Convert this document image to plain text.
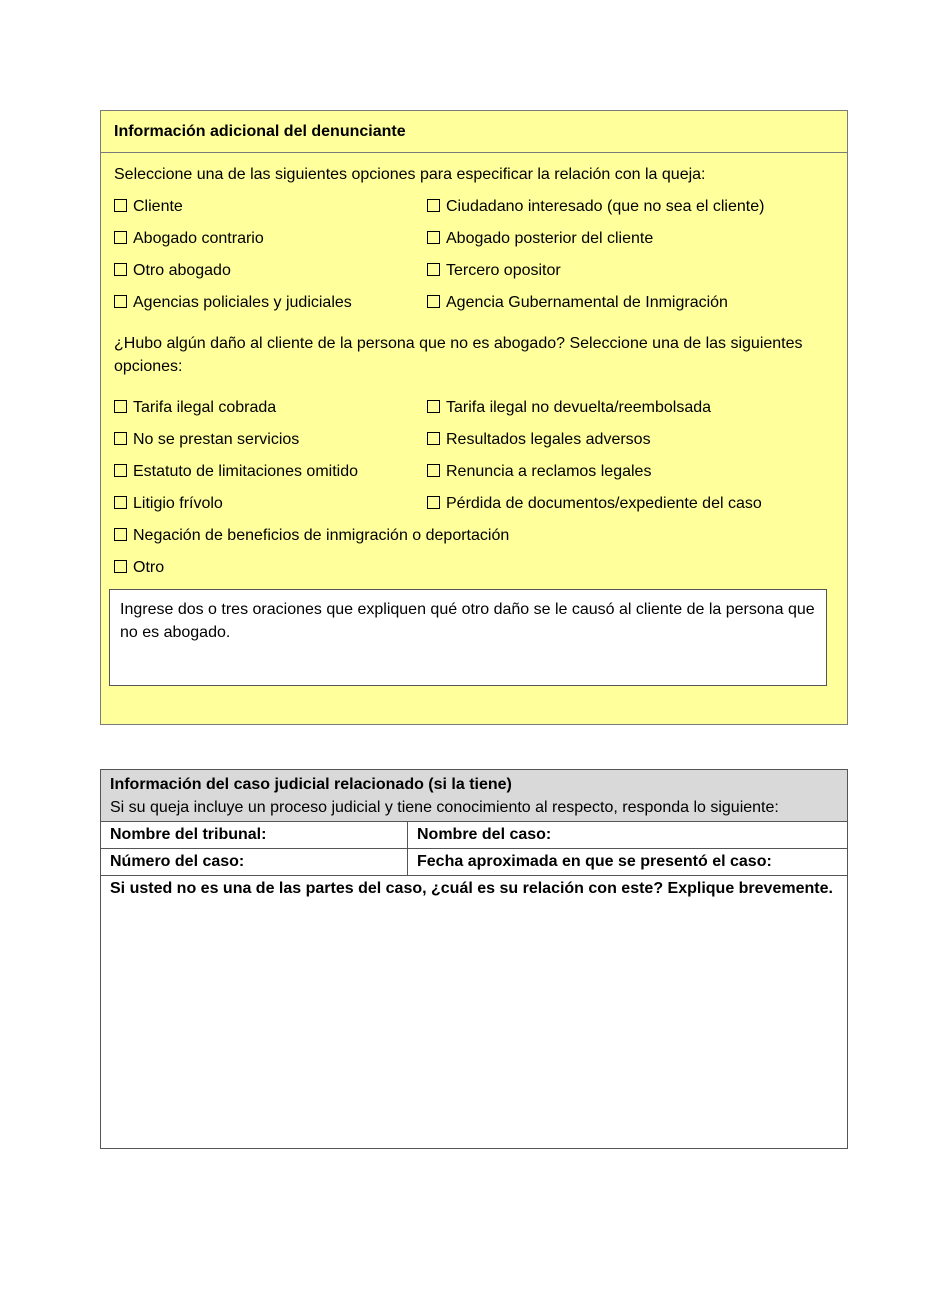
Información adicional del denunciante
Seleccione una de las siguientes opciones para especificar la relación con la queja:
Cliente	Ciudadano interesado (que no sea el cliente)
Abogado contrario	Abogado posterior del cliente
Otro abogado	Tercero opositor
Agencias policiales y judiciales	Agencia Gubernamental de Inmigración
¿Hubo algún daño al cliente de la persona que no es abogado? Seleccione una de las siguientes opciones:
Tarifa ilegal cobrada	Tarifa ilegal no devuelta/reembolsada
No se prestan servicios	Resultados legales adversos
Estatuto de limitaciones omitido	Renuncia a reclamos legales
Litigio frívolo	Pérdida de documentos/expediente del caso
Negación de beneficios de inmigración o deportación
Otro
Ingrese dos o tres oraciones que expliquen qué otro daño se le causó al cliente de la persona que no es abogado.
Información del caso judicial relacionado (si la tiene)
Si su queja incluye un proceso judicial y tiene conocimiento al respecto, responda lo siguiente:
Nombre del tribunal:	Nombre del caso:
Número del caso:	Fecha aproximada en que se presentó el caso:
Si usted no es una de las partes del caso, ¿cuál es su relación con este? Explique brevemente.
